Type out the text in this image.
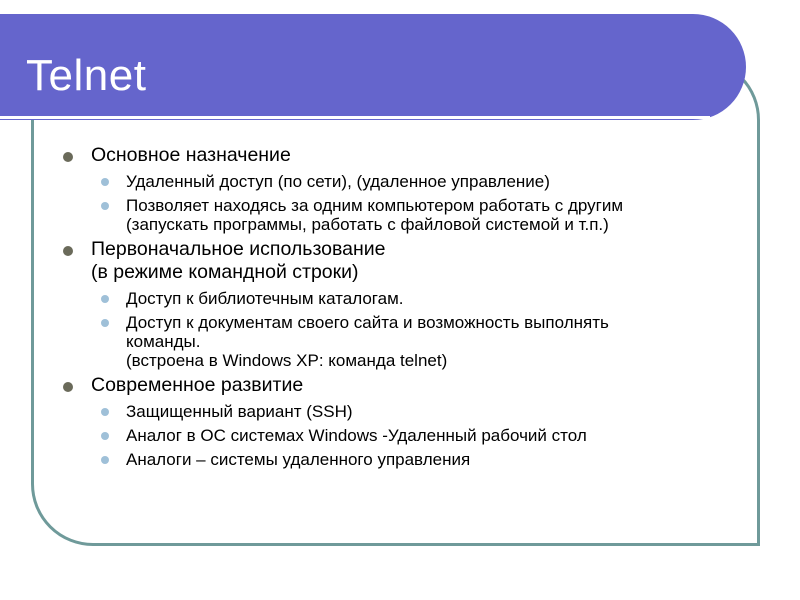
Telnet
Основное назначение
Удаленный доступ (по сети), (удаленное управление)
Позволяет находясь за одним компьютером работать с другим
(запускать программы, работать с файловой системой и т.п.)
Первоначальное использование
(в режиме командной строки)
Доступ к библиотечным каталогам.
Доступ к документам своего сайта и возможность выполнять
команды.
(встроена в Windows XP: команда telnet)
Современное развитие
Защищенный вариант (SSH)
Аналог в ОС системах Windows -Удаленный рабочий стол
Аналоги – системы удаленного управления
